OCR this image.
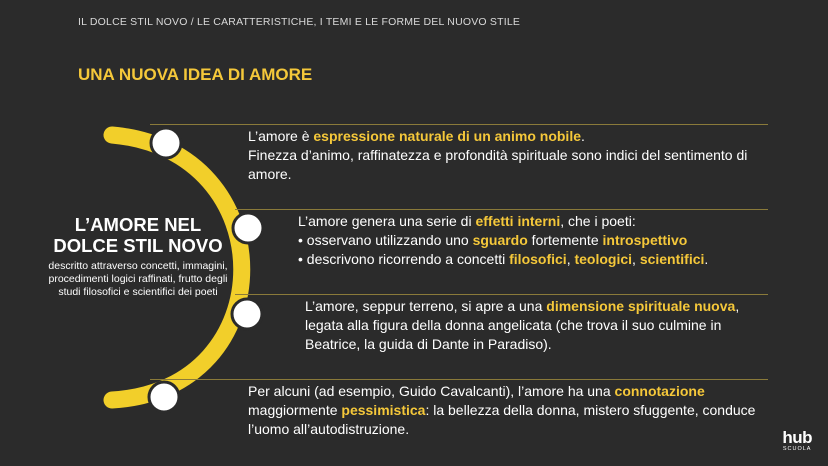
IL DOLCE STIL NOVO / LE CARATTERISTICHE, I TEMI E LE FORME DEL NUOVO STILE
UNA NUOVA IDEA DI AMORE
L’AMORE NEL
DOLCE STIL NOVO
descritto attraverso concetti, immagini, procedimenti logici raffinati, frutto degli studi filosofici e scientifici dei poeti
L’amore è espressione naturale di un animo nobile.
Finezza d’animo, raffinatezza e profondità spirituale sono indici del sentimento di amore.
L’amore genera una serie di effetti interni, che i poeti:
• osservano utilizzando uno sguardo fortemente introspettivo
• descrivono ricorrendo a concetti filosofici, teologici, scientifici.
L’amore, seppur terreno, si apre a una dimensione spirituale nuova, legata alla figura della donna angelicata (che trova il suo culmine in Beatrice, la guida di Dante in Paradiso).
Per alcuni (ad esempio, Guido Cavalcanti), l’amore ha una connotazione maggiormente pessimistica: la bellezza della donna, mistero sfuggente, conduce l’uomo all’autodistruzione.	hub
SCUOLA
